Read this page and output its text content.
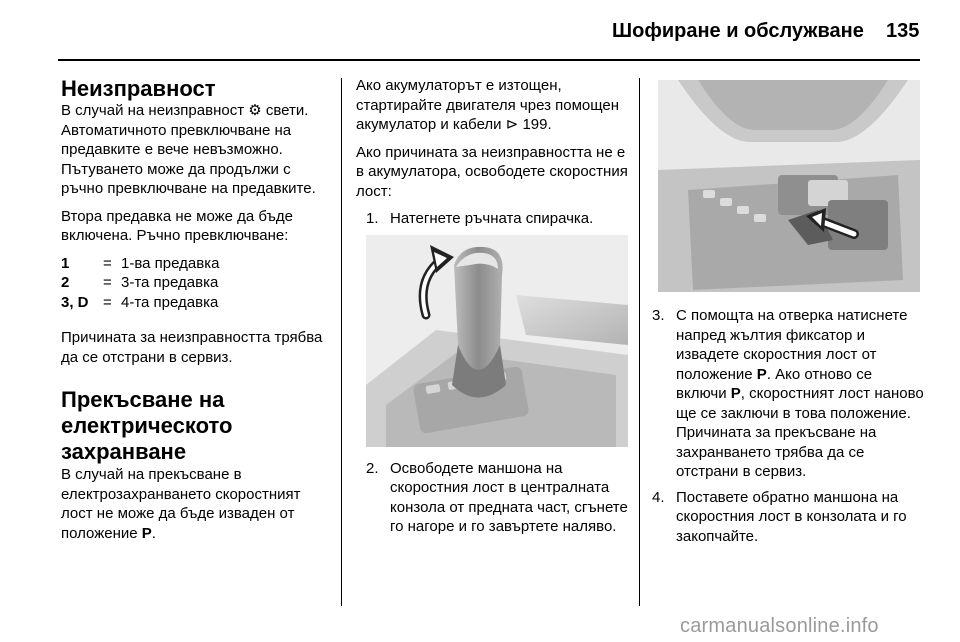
Шофиране и обслужване 135
Неизправност
В случай на неизправност ⚙ свети. Автоматичното превключване на предавките е вече невъзможно. Пътуването може да продължи с ръчно превключване на предавките.
Втора предавка не може да бъде включена. Ръчно превключване:
1	= 1-ва предавка
2	= 3-та предавка
3, D = 4-та предавка
Причината за неизправността трябва да се отстрани в сервиз.
Прекъсване на електрическото захранване
В случай на прекъсване в електрозахранването скоростният лост не може да бъде изваден от положение P.
Ако акумулаторът е изтощен, стартирайте двигателя чрез помощен акумулатор и кабели ⊳ 199.
Ако причината за неизправността не е в акумулатора, освободете скоростния лост:
1. Натегнете ръчната спирачка.
2. Освободете маншона на скоростния лост в централната конзола от предната част, сгънете го нагоре и го завъртете наляво.
3. С помощта на отверка натиснете напред жълтия фиксатор и извадете скоростния лост от положение P. Ако отново се включи P, скоростният лост наново ще се заключи в това положение. Причината за прекъсване на захранването трябва да се отстрани в сервиз.
4. Поставете обратно маншона на скоростния лост в конзолата и го закопчайте.
carmanualsonline.info
